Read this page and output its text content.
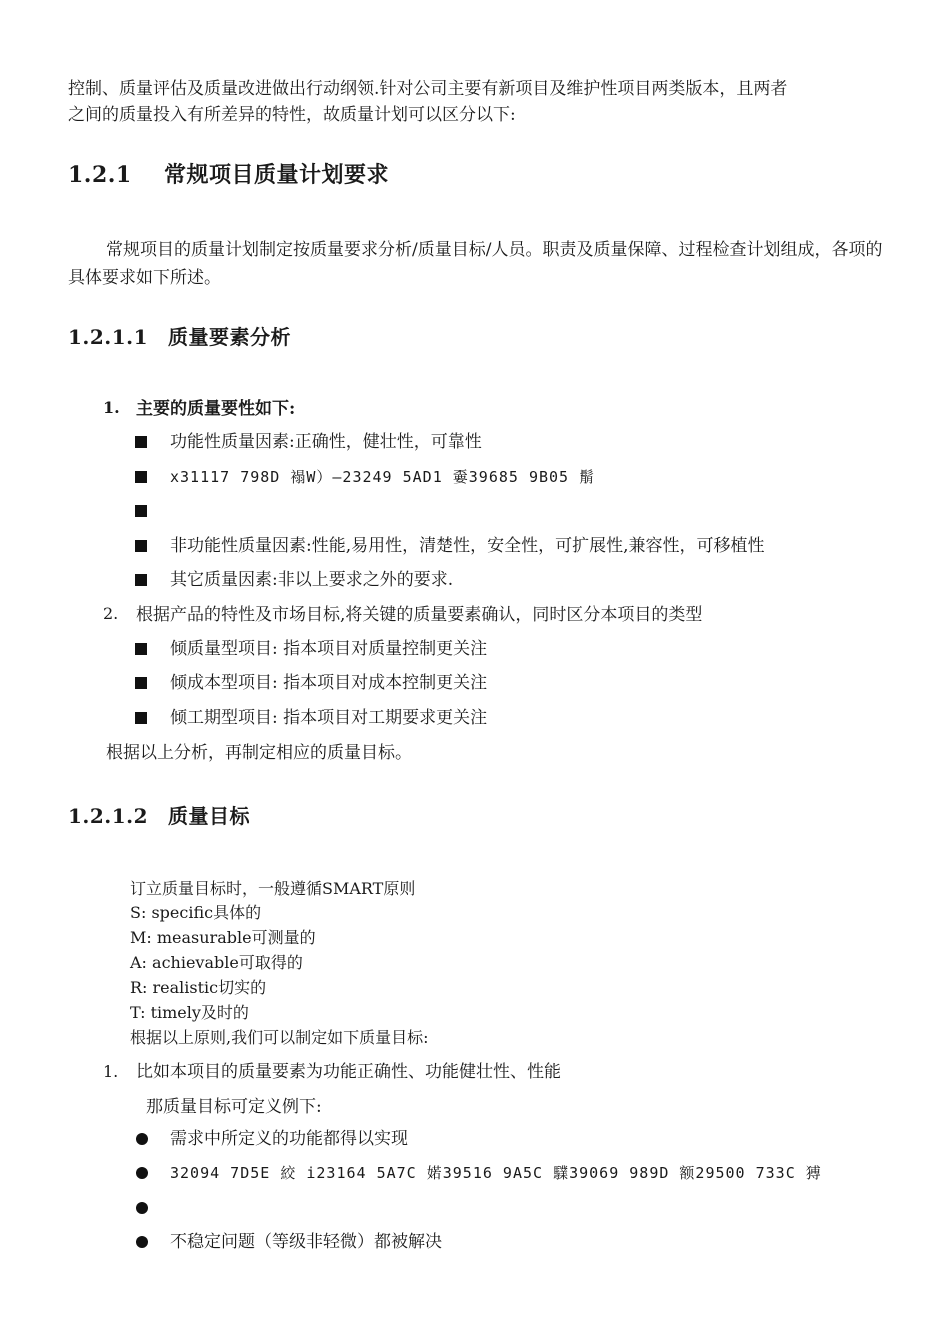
控制、质量评估及质量改进做出行动纲领.针对公司主要有新项目及维护性项目两类版本，且两者
之间的质量投入有所差异的特性，故质量计划可以区分以下:
1.2.1 常规项目质量计划要求
常规项目的质量计划制定按质量要求分析/质量目标/人员。职责及质量保障、过程检查计划组成，各项的具体要求如下所述。
1.2.1.1 质量要素分析
1. 主要的质量要性如下:
功能性质量因素:正确性，健壮性，可靠性
x31117 798D 褟W）—23249 5AD1 嫑39685 9B05 鬅
非功能性质量因素:性能,易用性，清楚性，安全性，可扩展性,兼容性，可移植性
其它质量因素:非以上要求之外的要求.
2. 根据产品的特性及市场目标,将关键的质量要素确认，同时区分本项目的类型
倾质量型项目: 指本项目对质量控制更关注
倾成本型项目: 指本项目对成本控制更关注
倾工期型项目: 指本项目对工期要求更关注
根据以上分析，再制定相应的质量目标。
1.2.1.2 质量目标
订立质量目标时，一般遵循SMART原则
S: specific具体的
M: measurable可测量的
A: achievable可取得的
R: realistic切实的
T: timely及时的
根据以上原则,我们可以制定如下质量目标:
1. 比如本项目的质量要素为功能正确性、功能健壮性、性能
那质量目标可定义例下:
需求中所定义的功能都得以实现
32094 7D5E 絞 i23164 5A7C 婼39516 9A5C 驜39069 989D 额29500 733C 猼
不稳定问题（等级非轻微）都被解决
